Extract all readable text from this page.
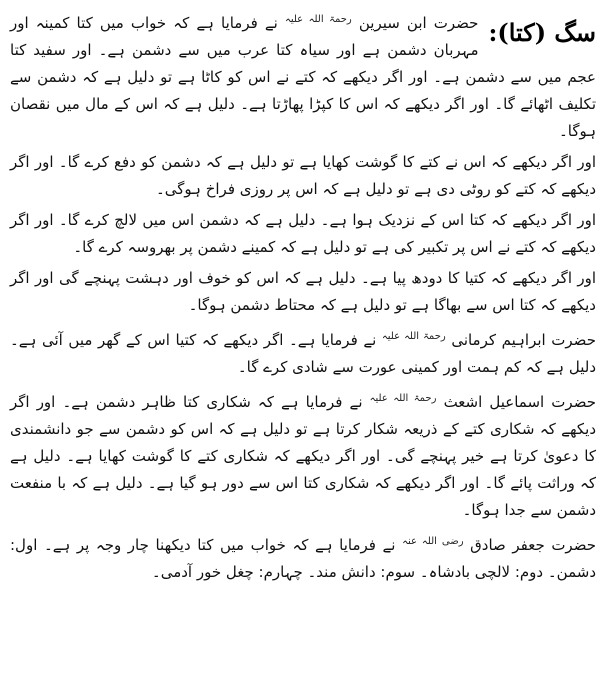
سگ (کتا):
حضرت ابن سیرین $^{رحمۃ اللہ علیہ}$ نے فرمایا ہے کہ خواب میں کتا کمینہ اور مہربان دشمن ہے اور سیاہ کتا عرب میں سے دشمن ہے۔ اور سفید کتا عجم میں سے دشمن ہے۔ اور اگر دیکھے کہ کتے نے اس کو کاٹا ہے تو دلیل ہے کہ دشمن سے تکلیف اٹھائے گا۔ اور اگر دیکھے کہ اس کا کپڑا پھاڑتا ہے۔ دلیل ہے کہ اس کے مال میں نقصان ہوگا۔

اور اگر دیکھے کہ اس نے کتے کا گوشت کھایا ہے تو دلیل ہے کہ دشمن کو دفع کرے گا۔ اور اگر دیکھے کہ کتے کو روٹی دی ہے تو دلیل ہے کہ اس پر روزی فراخ ہوگی۔

اور اگر دیکھے کہ کتا اس کے نزدیک ہوا ہے۔ دلیل ہے کہ دشمن اس میں لالچ کرے گا۔ اور اگر دیکھے کہ کتے نے اس پر تکبیر کی ہے تو دلیل ہے کہ کمینے دشمن پر بھروسہ کرے گا۔

اور اگر دیکھے کہ کتیا کا دودھ پیا ہے۔ دلیل ہے کہ اس کو خوف اور دہشت پہنچے گی اور اگر دیکھے کہ کتا اس سے بھاگا ہے تو دلیل ہے کہ محتاط دشمن ہوگا۔

حضرت ابراہیم کرمانی $^{رحمۃ اللہ علیہ}$ نے فرمایا ہے۔ اگر دیکھے کہ کتیا اس کے گھر میں آئی ہے۔ دلیل ہے کہ کم ہمت اور کمینی عورت سے شادی کرے گا۔

حضرت اسماعیل اشعث $^{رحمۃ اللہ علیہ}$ نے فرمایا ہے کہ شکاری کتا ظاہر دشمن ہے۔ اور اگر دیکھے کہ شکاری کتے کے ذریعہ شکار کرتا ہے تو دلیل ہے کہ اس کو دشمن سے جو دانشمندی کا دعویٰ کرتا ہے خیر پہنچے گی۔ اور اگر دیکھے کہ شکاری کتے کا گوشت کھایا ہے۔ دلیل ہے کہ وراثت پائے گا۔ اور اگر دیکھے کہ شکاری کتا اس سے دور ہو گیا ہے۔ دلیل ہے کہ با منفعت دشمن سے جدا ہوگا۔

حضرت جعفر صادق $^{رضی اللہ عنہ}$ نے فرمایا ہے کہ خواب میں کتا دیکھنا چار وجہ پر ہے۔ اول: دشمن۔ دوم: لالچی بادشاہ۔ سوم: دانش مند۔ چہارم: چغل خور آدمی۔
